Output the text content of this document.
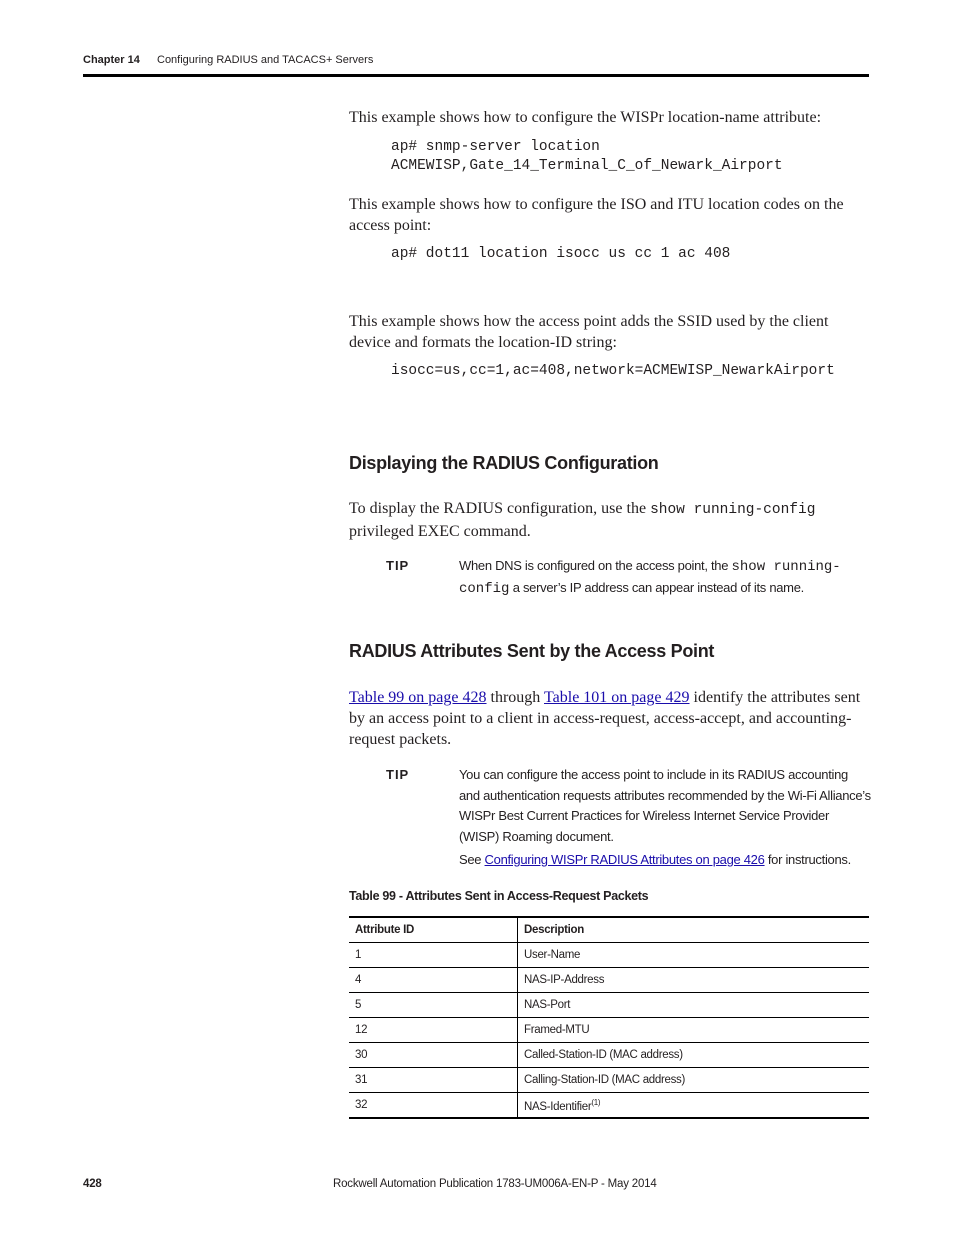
Chapter 14 Configuring RADIUS and TACACS+ Servers
This example shows how to configure the WISPr location-name attribute:
ap# snmp-server location
ACMEWISP,Gate_14_Terminal_C_of_Newark_Airport
This example shows how to configure the ISO and ITU location codes on the access point:
ap# dot11 location isocc us cc 1 ac 408
This example shows how the access point adds the SSID used by the client device and formats the location-ID string:
isocc=us,cc=1,ac=408,network=ACMEWISP_NewarkAirport
Displaying the RADIUS Configuration
To display the RADIUS configuration, use the show running-config
privileged EXEC command.
TIP	When DNS is configured on the access point, the show running-
config a server’s IP address can appear instead of its name.
RADIUS Attributes Sent by the Access Point
Table 99 on page 428 through Table 101 on page 429 identify the attributes sent by an access point to a client in access-request, access-accept, and accounting-request packets.
TIP	You can configure the access point to include in its RADIUS accounting and authentication requests attributes recommended by the Wi-Fi Alliance’s WISPr Best Current Practices for Wireless Internet Service Provider (WISP) Roaming document.
See Configuring WISPr RADIUS Attributes on page 426 for instructions.
Table 99 - Attributes Sent in Access-Request Packets
Attribute ID	Description
1	User-Name
4	NAS-IP-Address
5	NAS-Port
12	Framed-MTU
30	Called-Station-ID (MAC address)
31	Calling-Station-ID (MAC address)
32	NAS-Identifier$^{(1)}$
428	Rockwell Automation Publication 1783-UM006A-EN-P - May 2014
